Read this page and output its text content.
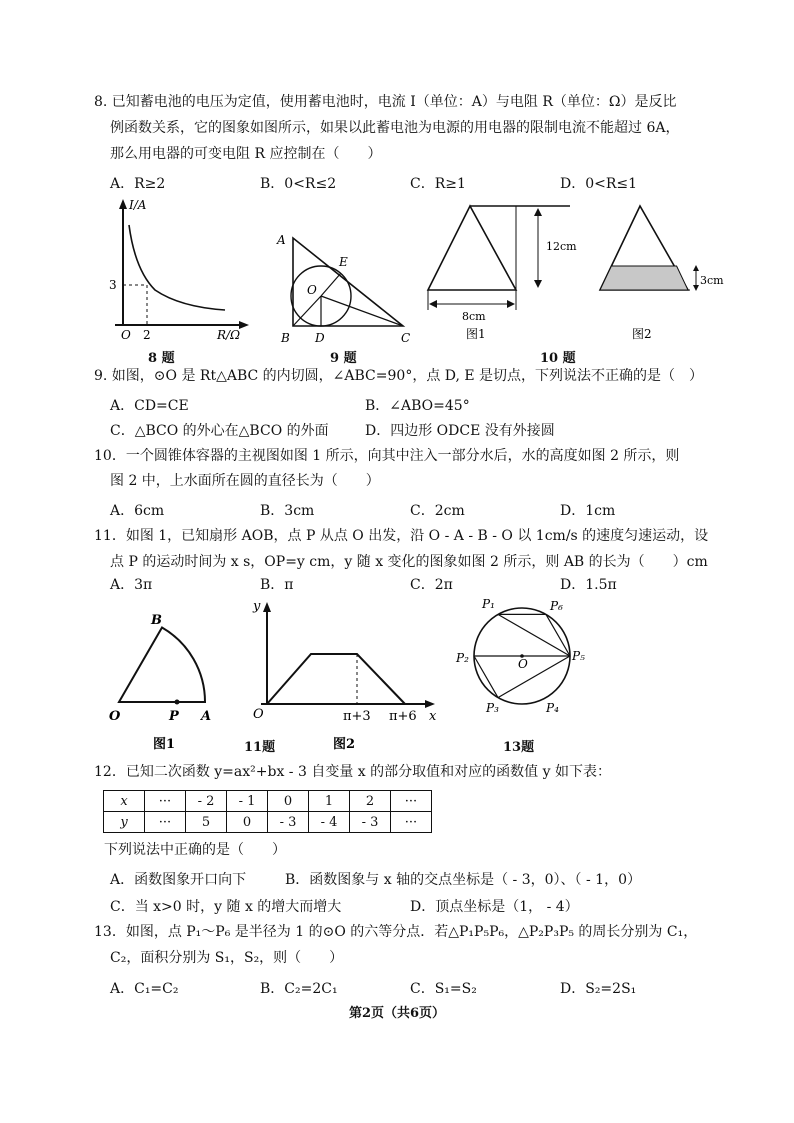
8. 已知蓄电池的电压为定值，使用蓄电池时，电流 I（单位：A）与电阻 R（单位：Ω）是反比
例函数关系，它的图象如图所示，如果以此蓄电池为电源的用电器的限制电流不能超过 6A，
那么用电器的可变电阻 R 应控制在（　　）
A．R≥2	B．0<R≤2	C．R≥1	D．0<R≤1
I/A
3
O 2	R/Ω
8 题
A
B	C
D
E
O
9 题
12cm
8cm
图1
3cm
图2
10 题
9. 如图，⊙O 是 Rt△ABC 的内切圆，∠ABC=90°，点 D, E 是切点，下列说法不正确的是（　）
A．CD=CE	B．∠ABO=45°
C．△BCO 的外心在△BCO 的外面	D．四边形 ODCE 没有外接圆
10．一个圆锥体容器的主视图如图 1 所示，向其中注入一部分水后，水的高度如图 2 所示，则
图 2 中，上水面所在圆的直径长为（　　）
A．6cm	B．3cm	C．2cm	D．1cm
11．如图 1，已知扇形 AOB，点 P 从点 O 出发，沿 O - A - B - O 以 1cm/s 的速度匀速运动，设
点 P 的运动时间为 x s，OP=y cm，y 随 x 变化的图象如图 2 所示，则 AB 的长为（　　）cm
A．3π	B．π	C．2π	D．1.5π
B
O	P A
图1
y
O	π+3 π+6 x
图2
11题
P₁	P₆
P₂	P₅
P₃	P₄
O
13题
12．已知二次函数 y=ax²+bx - 3 自变量 x 的部分取值和对应的函数值 y 如下表：
x	···	- 2	- 1	0	1	2	···
y	···	5	0	- 3	- 4	- 3	···
下列说法中正确的是（　　）
A．函数图象开口向下	B．函数图象与 x 轴的交点坐标是（ - 3，0）、（ - 1，0）
C．当 x>0 时，y 随 x 的增大而增大	D．顶点坐标是（1， - 4）
13．如图，点 P₁～P₆ 是半径为 1 的⊙O 的六等分点．若△P₁P₅P₆，△P₂P₃P₅ 的周长分别为 C₁，
C₂，面积分别为 S₁，S₂，则（　　）
A．C₁=C₂	B．C₂=2C₁	C．S₁=S₂	D．S₂=2S₁
第2页（共6页）
